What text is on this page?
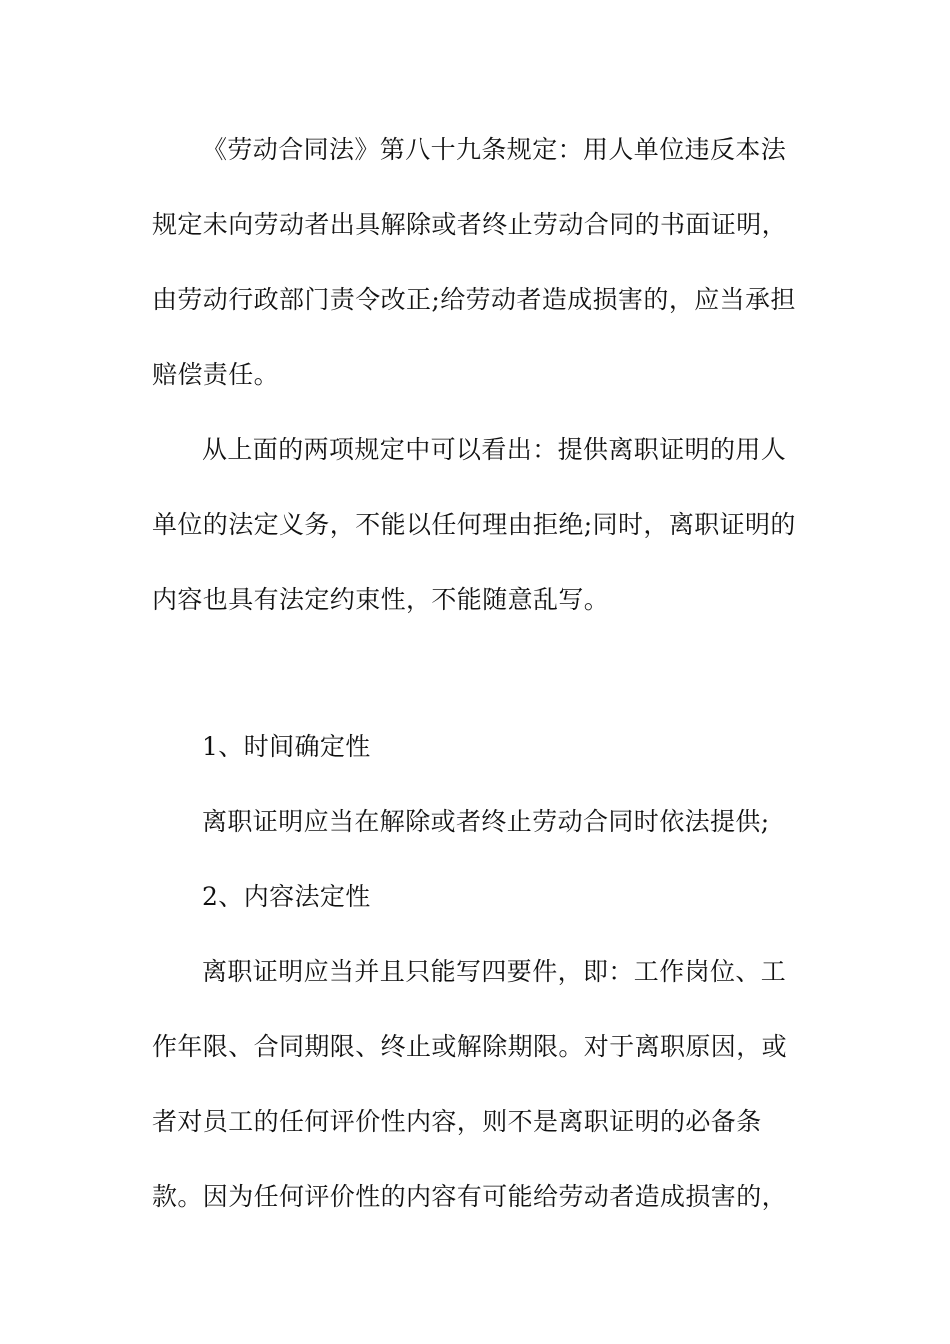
《劳动合同法》第八十九条规定：用人单位违反本法
规定未向劳动者出具解除或者终止劳动合同的书面证明，
由劳动行政部门责令改正;给劳动者造成损害的，应当承担
赔偿责任。
从上面的两项规定中可以看出：提供离职证明的用人
单位的法定义务，不能以任何理由拒绝;同时，离职证明的
内容也具有法定约束性，不能随意乱写。
1、时间确定性
离职证明应当在解除或者终止劳动合同时依法提供;
2、内容法定性
离职证明应当并且只能写四要件，即：工作岗位、工
作年限、合同期限、终止或解除期限。对于离职原因，或
者对员工的任何评价性内容，则不是离职证明的必备条
款。因为任何评价性的内容有可能给劳动者造成损害的，
